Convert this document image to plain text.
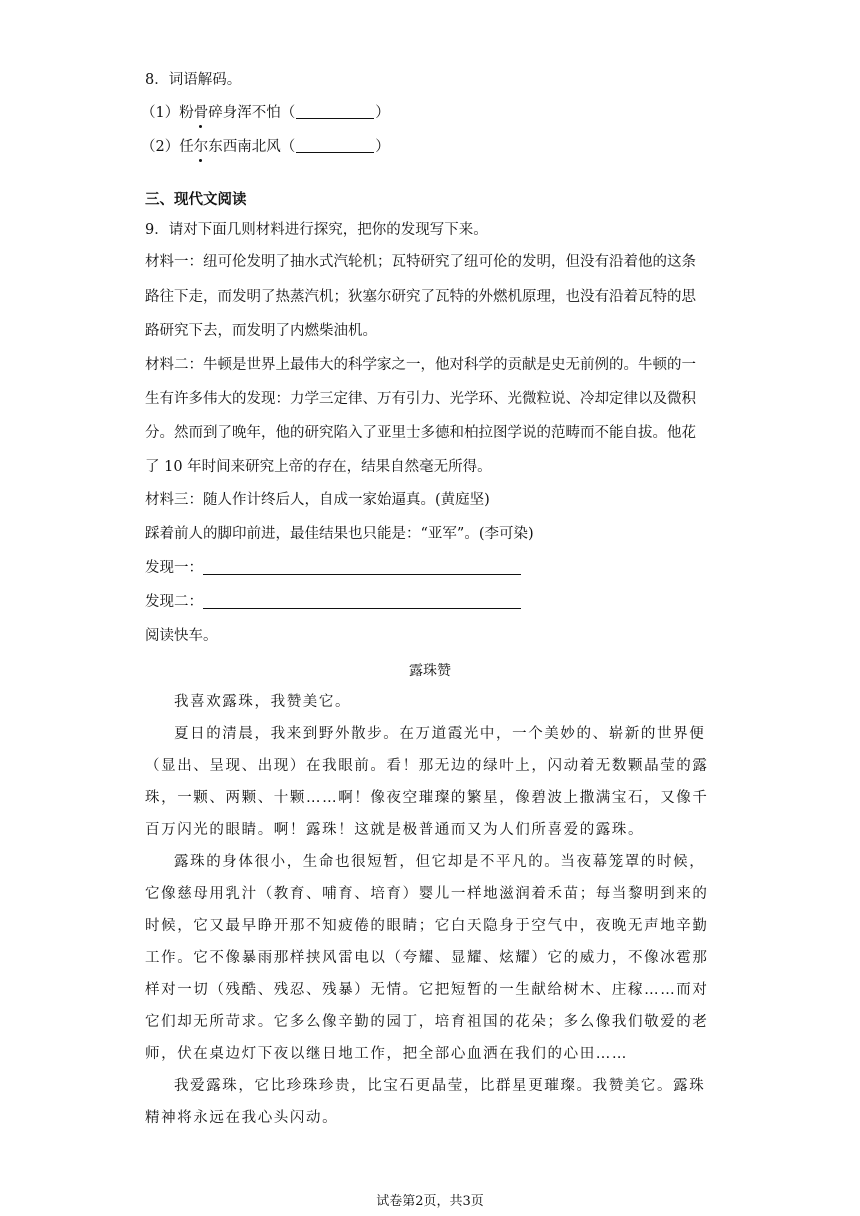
8．词语解码。
（1）粉骨碎身浑不怕（	）
（2）任尔东西南北风（	）
三、现代文阅读
9．请对下面几则材料进行探究，把你的发现写下来。
材料一：纽可伦发明了抽水式汽轮机；瓦特研究了纽可伦的发明，但没有沿着他的这条
路往下走，而发明了热蒸汽机；狄塞尔研究了瓦特的外燃机原理，也没有沿着瓦特的思
路研究下去，而发明了内燃柴油机。
材料二：牛顿是世界上最伟大的科学家之一，他对科学的贡献是史无前例的。牛顿的一
生有许多伟大的发现：力学三定律、万有引力、光学环、光微粒说、冷却定律以及微积
分。然而到了晚年，他的研究陷入了亚里士多德和柏拉图学说的范畴而不能自拔。他花
了 10 年时间来研究上帝的存在，结果自然毫无所得。
材料三：随人作计终后人，自成一家始逼真。(黄庭坚)
踩着前人的脚印前进，最佳结果也只能是：“亚军”。(李可染)
发现一：
发现二：
阅读快车。
露珠赞

我喜欢露珠，我赞美它。

夏日的清晨，我来到野外散步。在万道霞光中，一个美妙的、崭新的世界便（显出、呈现、出现）在我眼前。看！那无边的绿叶上，闪动着无数颗晶莹的露珠，一颗、两颗、十颗……啊！像夜空璀璨的繁星，像碧波上撒满宝石，又像千百万闪光的眼睛。啊！露珠！这就是极普通而又为人们所喜爱的露珠。

露珠的身体很小，生命也很短暂，但它却是不平凡的。当夜幕笼罩的时候，它像慈母用乳汁（教育、哺育、培育）婴儿一样地滋润着禾苗；每当黎明到来的时候，它又最早睁开那不知疲倦的眼睛；它白天隐身于空气中，夜晚无声地辛勤工作。它不像暴雨那样挟风雷电以（夸耀、显耀、炫耀）它的威力，不像冰雹那样对一切（残酷、残忍、残暴）无情。它把短暂的一生献给树木、庄稼……而对它们却无所苛求。它多么像辛勤的园丁，培育祖国的花朵；多么像我们敬爱的老师，伏在桌边灯下夜以继日地工作，把全部心血洒在我们的心田……

我爱露珠，它比珍珠珍贵，比宝石更晶莹，比群星更璀璨。我赞美它。露珠精神将永远在我心头闪动。

试卷第2页，共3页
